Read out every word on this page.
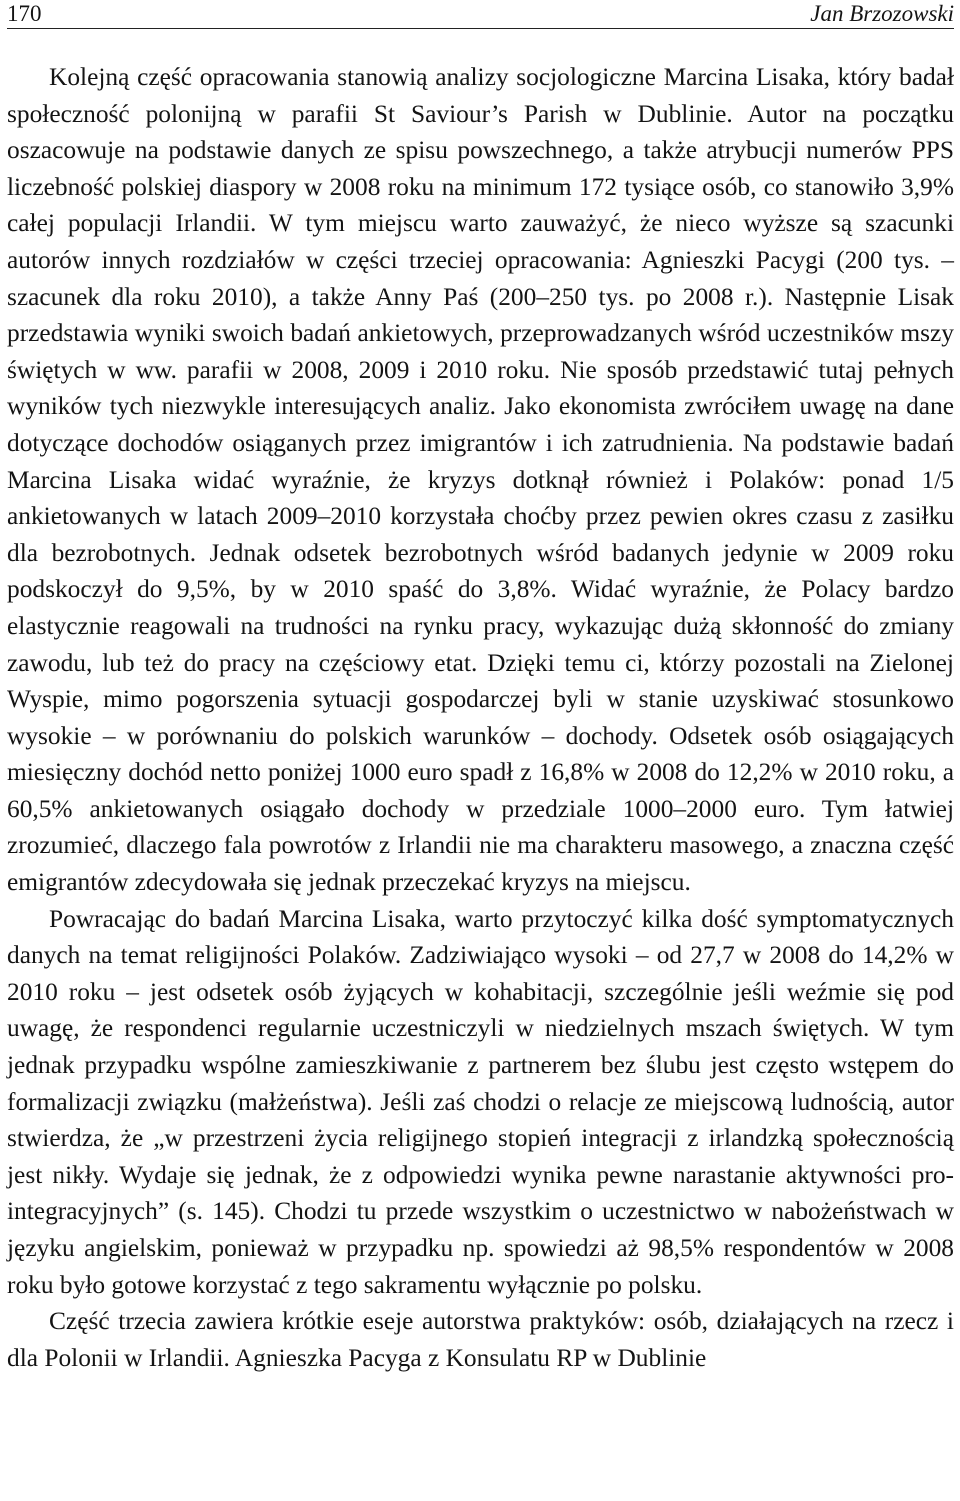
170	Jan Brzozowski

Kolejną część opracowania stanowią analizy socjologiczne Marcina Lisaka, który badał społeczność polonijną w parafii St Saviour’s Parish w Dublinie. Autor na początku oszacowuje na podstawie danych ze spisu powszechnego, a także atrybucji numerów PPS liczebność polskiej diaspory w 2008 roku na minimum 172 tysiące osób, co stanowiło 3,9% całej populacji Irlandii. W tym miejscu warto zauważyć, że nieco wyższe są szacunki autorów innych rozdziałów w części trzeciej opracowania: Agnieszki Pacygi (200 tys. – szacunek dla roku 2010), a także Anny Paś (200–250 tys. po 2008 r.). Następnie Lisak przedstawia wyniki swoich badań ankietowych, przeprowadzanych wśród uczestników mszy świętych w ww. parafii w 2008, 2009 i 2010 roku. Nie sposób przedstawić tutaj pełnych wyników tych niezwykle interesujących analiz. Jako ekonomista zwróciłem uwagę na dane dotyczące dochodów osiąganych przez imigrantów i ich zatrudnienia. Na podstawie badań Marcina Lisaka widać wyraźnie, że kryzys dotknął również i Polaków: ponad 1/5 ankietowanych w latach 2009–2010 korzystała choćby przez pewien okres czasu z zasiłku dla bezrobotnych. Jednak odsetek bezrobotnych wśród badanych jedynie w 2009 roku podskoczył do 9,5%, by w 2010 spaść do 3,8%. Widać wyraźnie, że Polacy bardzo elastycznie reagowali na trudności na rynku pracy, wykazując dużą skłonność do zmiany zawodu, lub też do pracy na częściowy etat. Dzięki temu ci, którzy pozostali na Zielonej Wyspie, mimo pogorszenia sytuacji gospodarczej byli w stanie uzyskiwać stosunkowo wysokie – w porównaniu do polskich warunków – dochody. Odsetek osób osiągających miesięczny dochód netto poniżej 1000 euro spadł z 16,8% w 2008 do 12,2% w 2010 roku, a 60,5% ankietowanych osiągało dochody w przedziale 1000–2000 euro. Tym łatwiej zrozumieć, dlaczego fala powrotów z Irlandii nie ma charakteru masowego, a znaczna część emigrantów zdecydowała się jednak przeczekać kryzys na miejscu.

Powracając do badań Marcina Lisaka, warto przytoczyć kilka dość symptomatycznych danych na temat religijności Polaków. Zadziwiająco wysoki – od 27,7 w 2008 do 14,2% w 2010 roku – jest odsetek osób żyjących w kohabitacji, szczególnie jeśli weźmie się pod uwagę, że respondenci regularnie uczestniczyli w niedzielnych mszach świętych. W tym jednak przypadku wspólne zamieszkiwanie z partnerem bez ślubu jest często wstępem do formalizacji związku (małżeństwa). Jeśli zaś chodzi o relacje ze miejscową ludnością, autor stwierdza, że „w przestrzeni życia religijnego stopień integracji z irlandzką społecznością jest nikły. Wydaje się jednak, że z odpowiedzi wynika pewne narastanie aktywności pro-integracyjnych” (s. 145). Chodzi tu przede wszystkim o uczestnictwo w nabożeństwach w języku angielskim, ponieważ w przypadku np. spowiedzi aż 98,5% respondentów w 2008 roku było gotowe korzystać z tego sakramentu wyłącznie po polsku.

Część trzecia zawiera krótkie eseje autorstwa praktyków: osób, działających na rzecz i dla Polonii w Irlandii. Agnieszka Pacyga z Konsulatu RP w Dublinie
